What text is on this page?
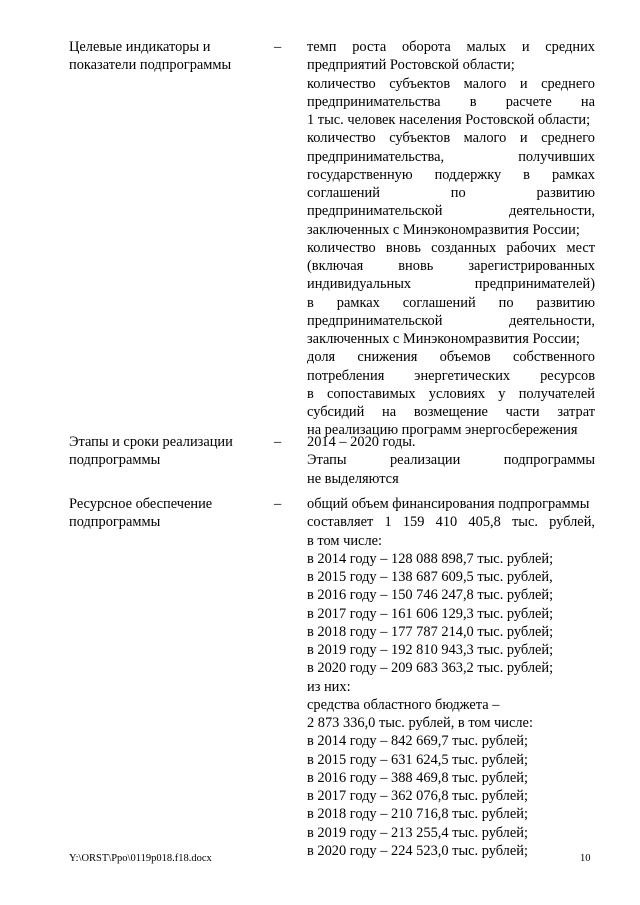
Целевые индикаторы и
показатели подпрограммы
– темп роста оборота малых и средних
предприятий Ростовской области;
количество субъектов малого и среднего
предпринимательства в расчете на
1 тыс. человек населения Ростовской области;
количество субъектов малого и среднего
предпринимательства, получивших
государственную поддержку в рамках
соглашений по развитию
предпринимательской деятельности,
заключенных с Минэкономразвития России;
количество вновь созданных рабочих мест
(включая вновь зарегистрированных
индивидуальных предпринимателей)
в рамках соглашений по развитию
предпринимательской деятельности,
заключенных с Минэкономразвития России;
доля снижения объемов собственного
потребления энергетических ресурсов
в сопоставимых условиях у получателей
субсидий на возмещение части затрат
на реализацию программ энергосбережения
Этапы и сроки реализации
подпрограммы
– 2014 – 2020 годы.
Этапы реализации подпрограммы
не выделяются
Ресурсное обеспечение
подпрограммы
– общий объем финансирования подпрограммы
составляет 1 159 410 405,8 тыс. рублей,
в том числе:
в 2014 году – 128 088 898,7 тыс. рублей;
в 2015 году – 138 687 609,5 тыс. рублей,
в 2016 году – 150 746 247,8 тыс. рублей;
в 2017 году – 161 606 129,3 тыс. рублей;
в 2018 году – 177 787 214,0 тыс. рублей;
в 2019 году – 192 810 943,3 тыс. рублей;
в 2020 году – 209 683 363,2 тыс. рублей;
из них:
средства областного бюджета –
2 873 336,0 тыс. рублей, в том числе:
в 2014 году – 842 669,7 тыс. рублей;
в 2015 году – 631 624,5 тыс. рублей;
в 2016 году – 388 469,8 тыс. рублей;
в 2017 году – 362 076,8 тыс. рублей;
в 2018 году – 210 716,8 тыс. рублей;
в 2019 году – 213 255,4 тыс. рублей;
в 2020 году – 224 523,0 тыс. рублей;
Y:\ORST\Ppo\0119p018.f18.docx	10
